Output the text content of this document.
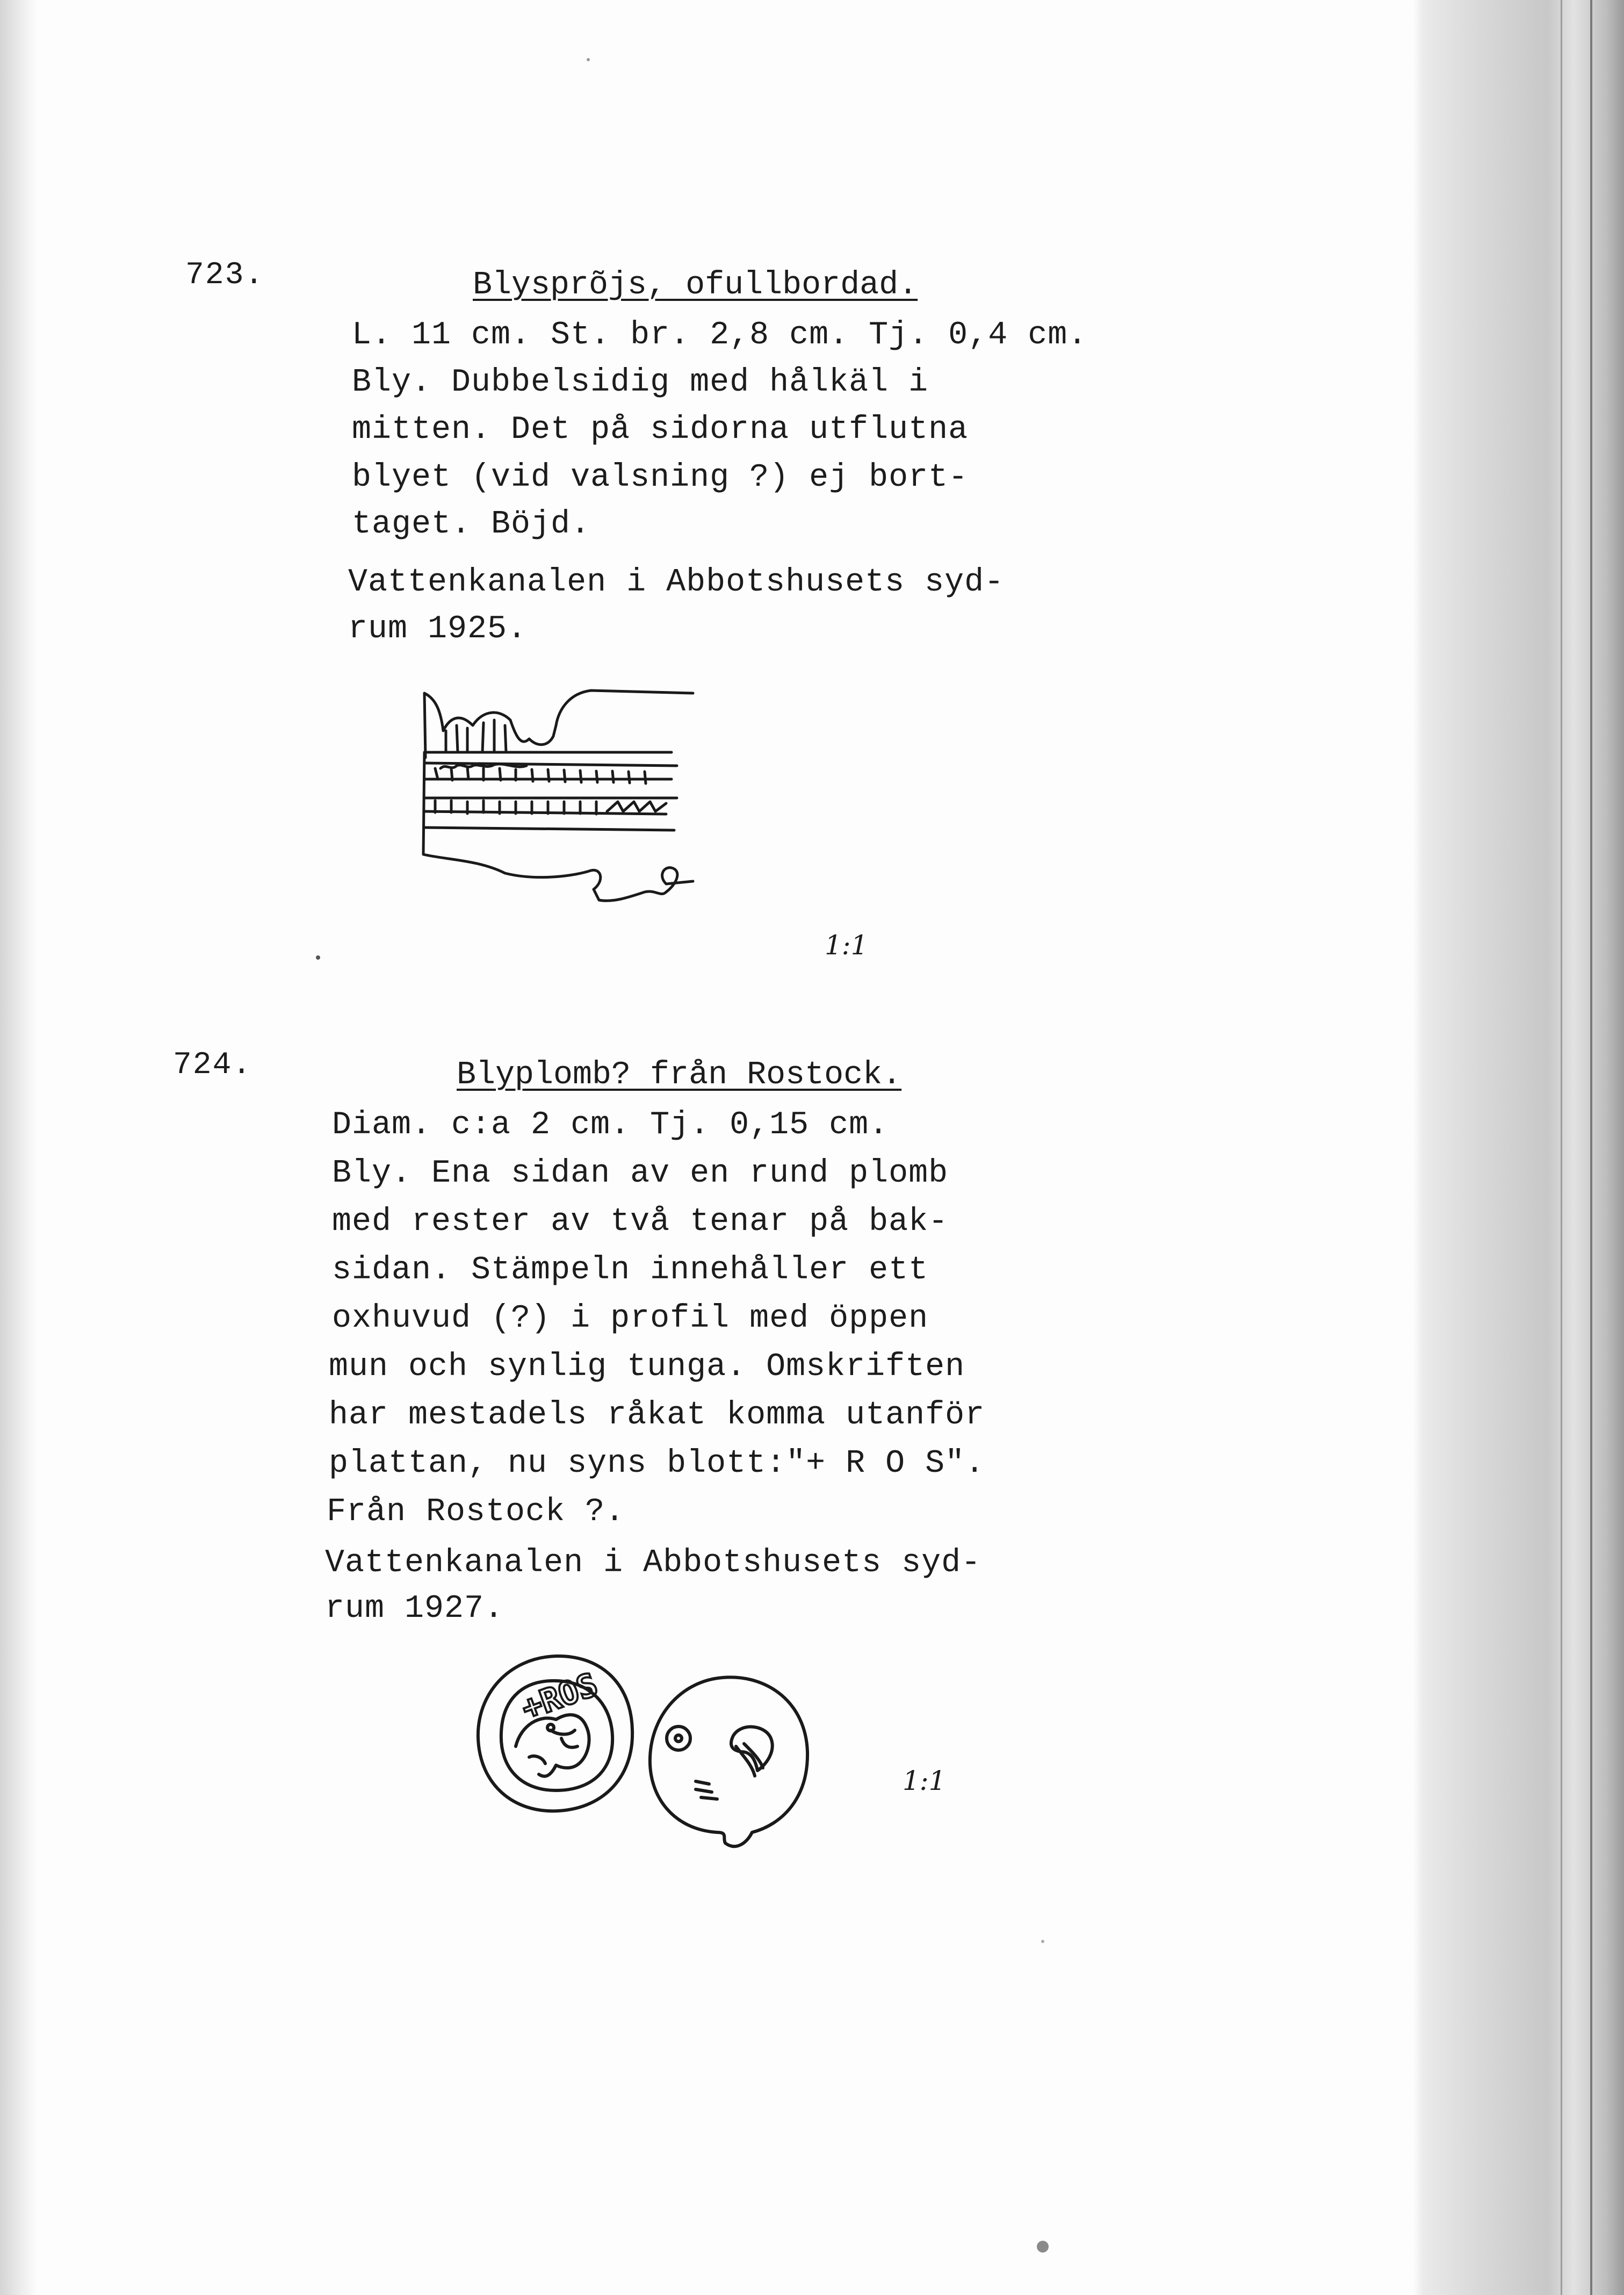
723.	Blysprõjs, ofullbordad.
L. 11 cm. St. br. 2,8 cm. Tj. 0,4 cm.
Bly. Dubbelsidig med hålkäl i
mitten. Det på sidorna utflutna
blyet (vid valsning ?) ej bort-
taget. Böjd.
Vattenkanalen i Abbotshusets syd-
rum 1925.
1:1
724.	Blyplomb? från Rostock.
Diam. c:a 2 cm. Tj. 0,15 cm.
Bly. Ena sidan av en rund plomb
med rester av två tenar på bak-
sidan. Stämpeln innehåller ett
oxhuvud (?) i profil med öppen
mun och synlig tunga. Omskriften
har mestadels råkat komma utanför
plattan, nu syns blott:"+ R O S".
Från Rostock ?.
Vattenkanalen i Abbotshusets syd-
rum 1927.
+ROS
1:1
